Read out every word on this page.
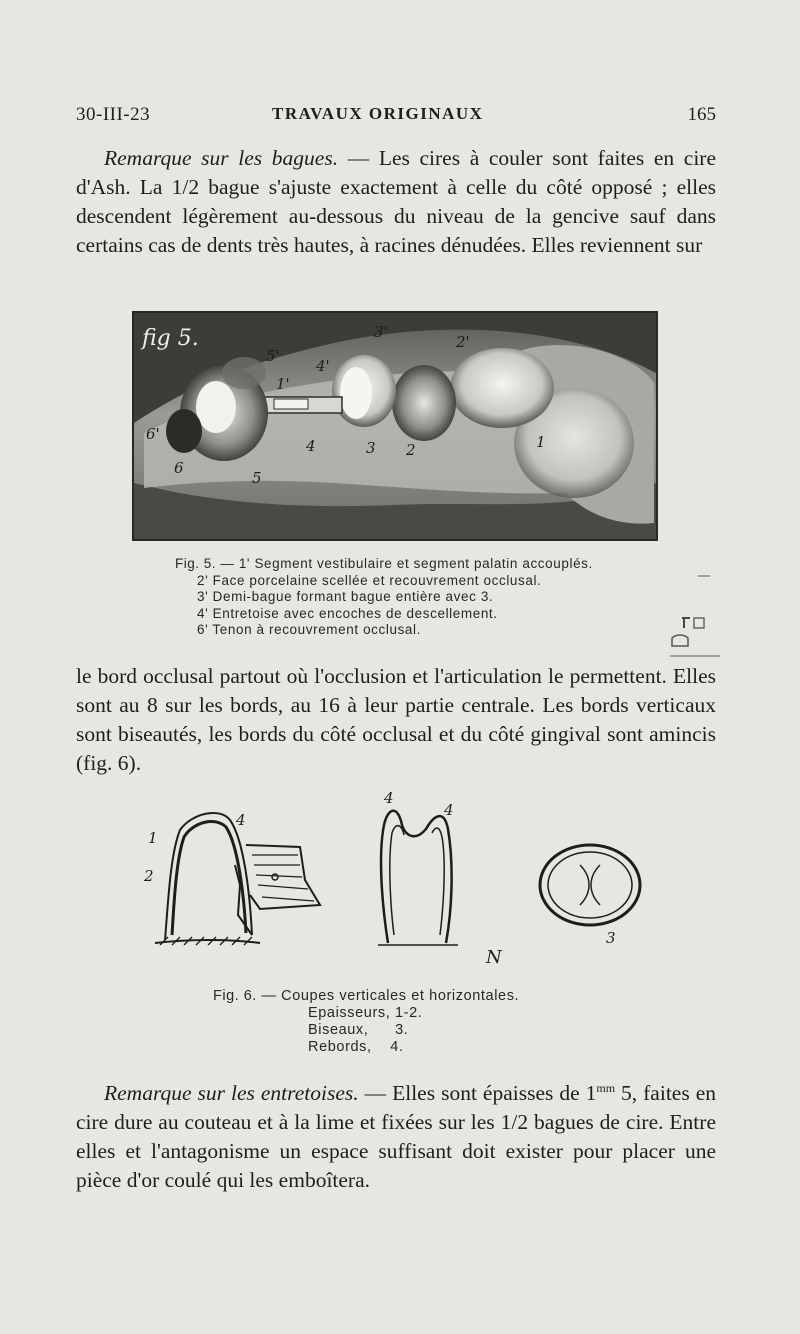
30-III-23	TRAVAUX ORIGINAUX	165
Remarque sur les bagues. — Les cires à couler sont faites en cire d'Ash. La 1/2 bague s'ajuste exactement à celle du côté opposé ; elles descendent légèrement au-dessous du niveau de la gencive sauf dans certains cas de dents très hautes, à racines dénudées. Elles reviennent sur
fig 5.
1
2
3
4
5
6
1'
2'
3'
4'
5'
6'
Fig. 5. — 1' Segment vestibulaire et segment palatin accouplés.
2' Face porcelaine scellée et recouvrement occlusal.
3' Demi-bague formant bague entière avec 3.
4' Entretoise avec encoches de descellement.
6' Tenon à recouvrement occlusal.
le bord occlusal partout où l'occlusion et l'articulation le permettent. Elles sont au 8 sur les bords, au 16 à leur partie centrale. Les bords verticaux sont biseautés, les bords du côté occlusal et du côté gingival sont amincis (fig. 6).
1
2
4
4
4
3
N
Fig. 6. — Coupes verticales et horizontales.
Epaisseurs, 1-2.
Biseaux, 3.
Rebords, 4.
Remarque sur les entretoises. — Elles sont épaisses de $1^{mm}$ 5, faites en cire dure au couteau et à la lime et fixées sur les 1/2 bagues de cire. Entre elles et l'antagonisme un espace suffisant doit exister pour placer une pièce d'or coulé qui les emboîtera.
